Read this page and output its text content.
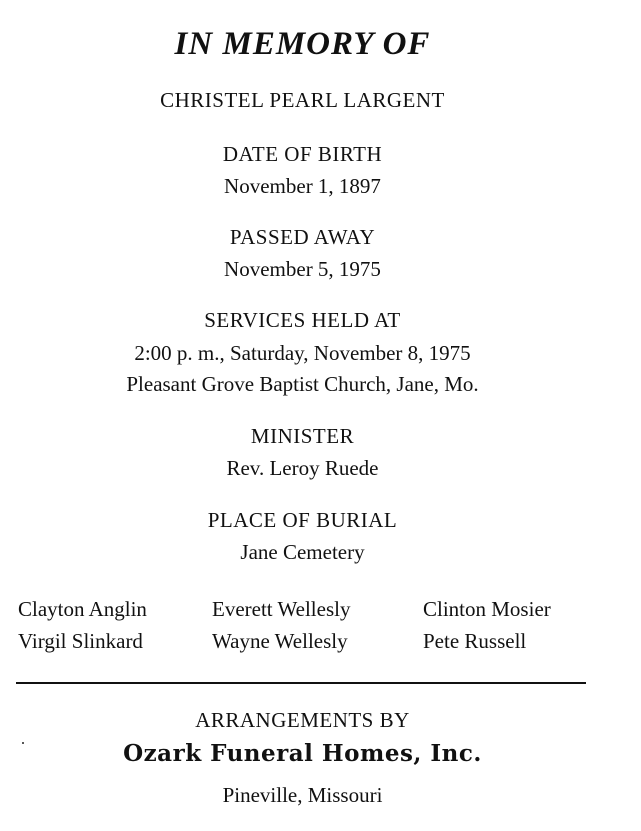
IN MEMORY OF
CHRISTEL PEARL LARGENT
DATE OF BIRTH
November 1, 1897
PASSED AWAY
November 5, 1975
SERVICES HELD AT
2:00 p. m., Saturday, November 8, 1975
Pleasant Grove Baptist Church, Jane, Mo.
MINISTER
Rev. Leroy Ruede
PLACE OF BURIAL
Jane Cemetery
Clayton Anglin	Everett Wellesly	Clinton Mosier
Virgil Slinkard	Wayne Wellesly	Pete Russell
ARRANGEMENTS BY
Ozark Funeral Homes, Inc.
Pineville, Missouri
